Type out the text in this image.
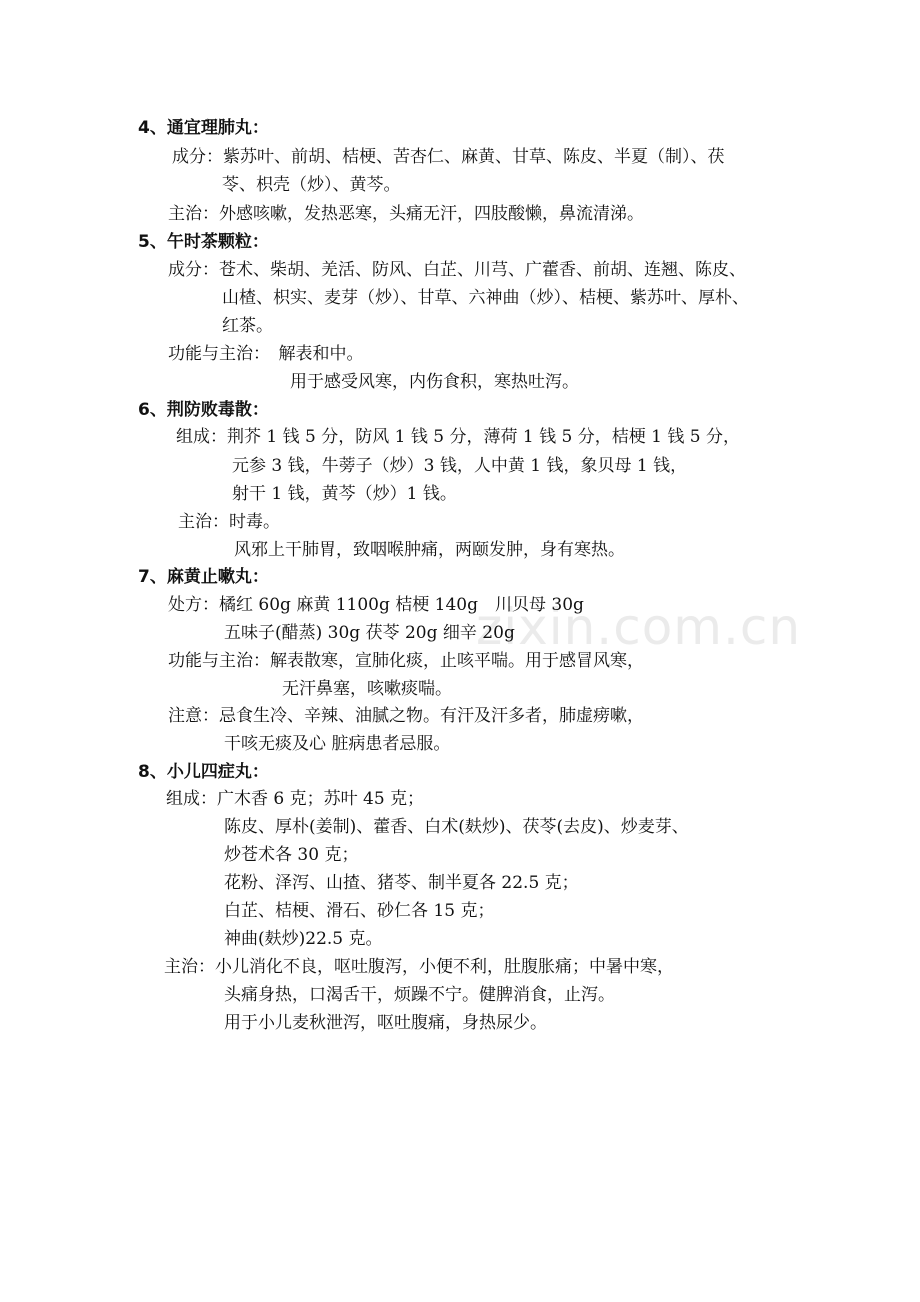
zixin.com.cn
4、通宜理肺丸：
成分：紫苏叶、前胡、桔梗、苦杏仁、麻黄、甘草、陈皮、半夏（制）、茯
苓、枳壳（炒）、黄芩。
主治：外感咳嗽，发热恶寒，头痛无汗，四肢酸懒，鼻流清涕。
5、午时茶颗粒：
成分：苍术、柴胡、羌活、防风、白芷、川芎、广藿香、前胡、连翘、陈皮、
山楂、枳实、麦芽（炒）、甘草、六神曲（炒）、桔梗、紫苏叶、厚朴、
红茶。
功能与主治：　解表和中。
用于感受风寒，内伤食积，寒热吐泻。
6、荆防败毒散：
组成：荆芥 1 钱 5 分，防风 1 钱 5 分，薄荷 1 钱 5 分，桔梗 1 钱 5 分，
元参 3 钱，牛蒡子（炒）3 钱，人中黄 1 钱，象贝母 1 钱，
射干 1 钱，黄芩（炒）1 钱。
主治：时毒。
风邪上干肺胃，致咽喉肿痛，两颐发肿，身有寒热。
7、麻黄止嗽丸：
处方：橘红 60g 麻黄 1100g 桔梗 140g　川贝母 30g
五味子(醋蒸) 30g 茯苓 20g 细辛 20g
功能与主治：解表散寒，宣肺化痰，止咳平喘。用于感冒风寒，
无汗鼻塞，咳嗽痰喘。
注意：忌食生冷、辛辣、油腻之物。有汗及汗多者，肺虚痨嗽，
干咳无痰及心 脏病患者忌服。
8、小儿四症丸：
组成：广木香 6 克；苏叶 45 克；
陈皮、厚朴(姜制)、藿香、白术(麸炒)、茯苓(去皮)、炒麦芽、
炒苍术各 30 克；
花粉、泽泻、山揸、猪苓、制半夏各 22.5 克；
白芷、桔梗、滑石、砂仁各 15 克；
神曲(麸炒)22.5 克。
主治：小儿消化不良，呕吐腹泻，小便不利，肚腹胀痛；中暑中寒，
头痛身热，口渴舌干，烦躁不宁。健脾消食，止泻。
用于小儿麦秋泄泻，呕吐腹痛，身热尿少。
